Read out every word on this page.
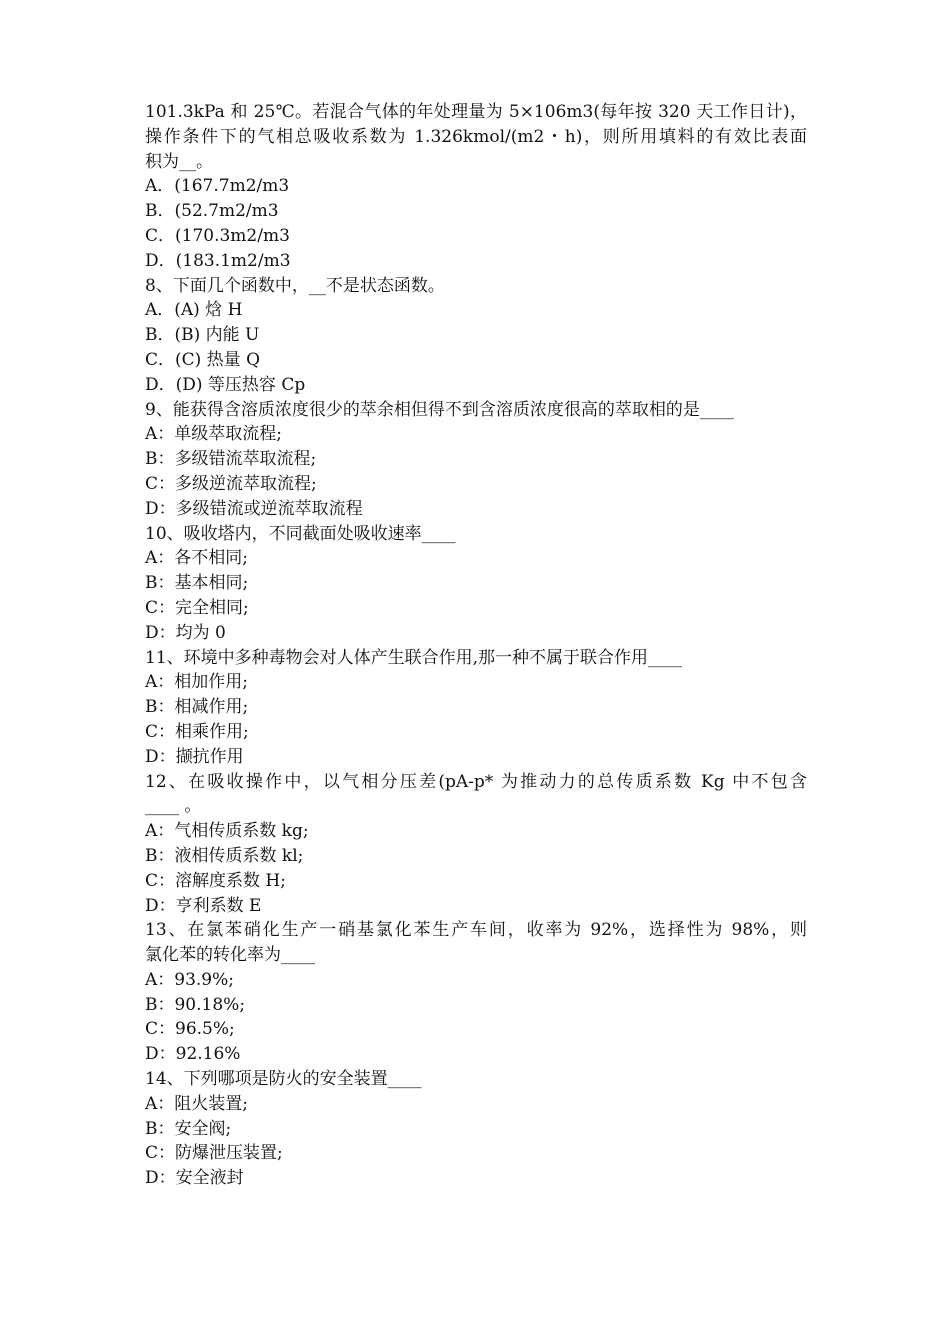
101.3kPa 和 25℃。若混合气体的年处理量为 5×106m3(每年按 320 天工作日计)，
操作条件下的气相总吸收系数为 1.326kmol/(m2・h)，则所用填料的有效比表面
积为__。
A．(167.7m2/m3
B．(52.7m2/m3
C．(170.3m2/m3
D．(183.1m2/m3
8、下面几个函数中，__不是状态函数。
A．(A) 焓 H
B．(B) 内能 U
C．(C) 热量 Q
D．(D) 等压热容 Cp
9、能获得含溶质浓度很少的萃余相但得不到含溶质浓度很高的萃取相的是____
A：单级萃取流程;
B：多级错流萃取流程;
C：多级逆流萃取流程;
D：多级错流或逆流萃取流程
10、吸收塔内，不同截面处吸收速率____
A：各不相同;
B：基本相同;
C：完全相同;
D：均为 0
11、环境中多种毒物会对人体产生联合作用,那一种不属于联合作用____
A：相加作用;
B：相减作用;
C：相乘作用;
D：撷抗作用
12、在吸收操作中，以气相分压差(pA-p* 为推动力的总传质系数 Kg 中不包含
____ 。
A：气相传质系数 kg;
B：液相传质系数 kl;
C：溶解度系数 H;
D：亨利系数 E
13、在氯苯硝化生产一硝基氯化苯生产车间，收率为 92%，选择性为 98%，则
氯化苯的转化率为____
A：93.9%;
B：90.18%;
C：96.5%;
D：92.16%
14、下列哪项是防火的安全装置____
A：阻火装置;
B：安全阀;
C：防爆泄压装置;
D：安全液封
